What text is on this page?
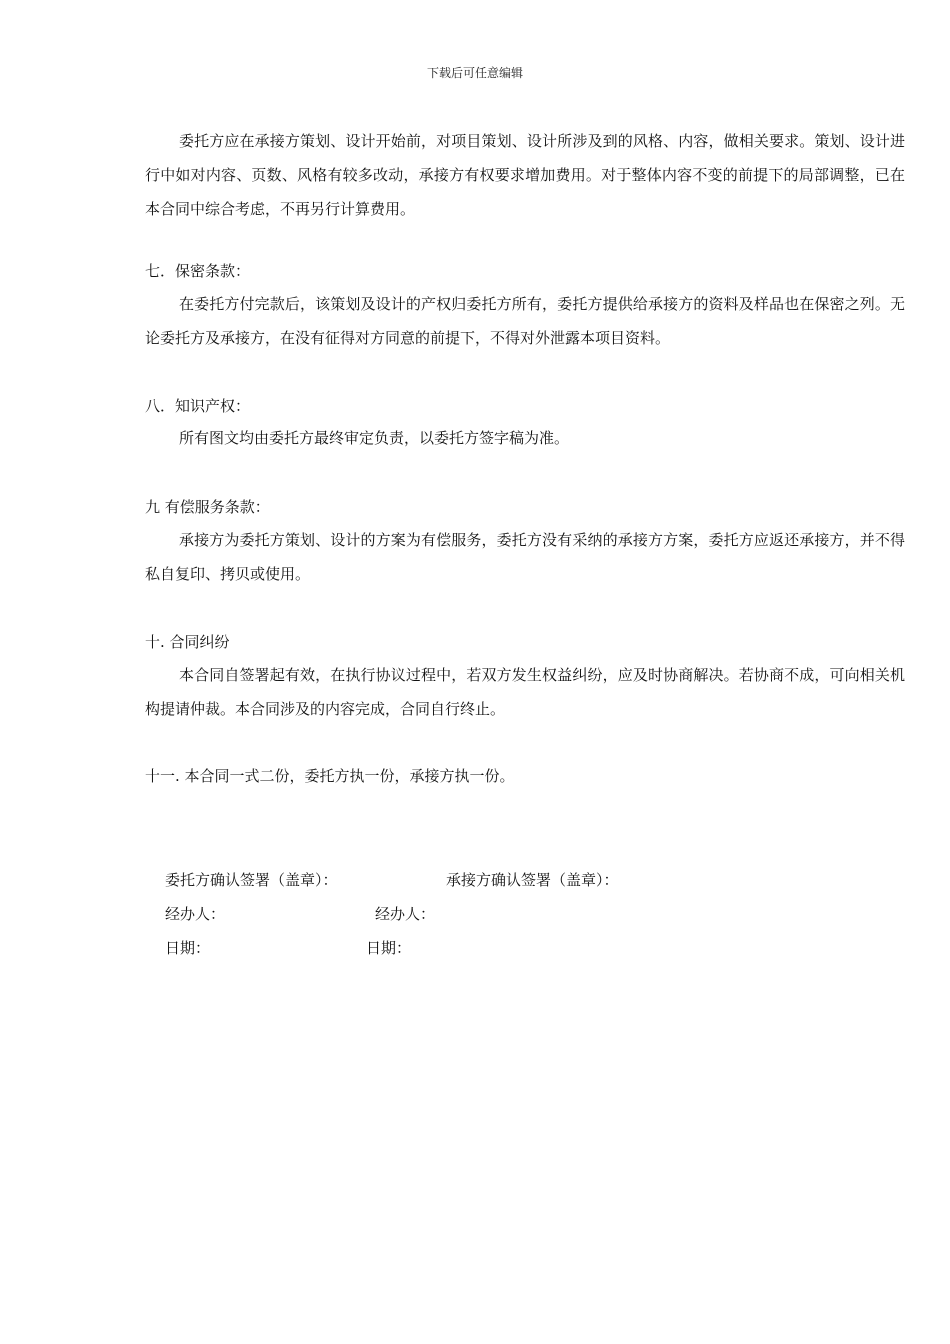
下载后可任意编辑
委托方应在承接方策划、设计开始前，对项目策划、设计所涉及到的风格、内容，做相关要求。策划、设计进行中如对内容、页数、风格有较多改动，承接方有权要求增加费用。对于整体内容不变的前提下的局部调整，已在本合同中综合考虑，不再另行计算费用。
七．保密条款：
在委托方付完款后，该策划及设计的产权归委托方所有，委托方提供给承接方的资料及样品也在保密之列。无论委托方及承接方，在没有征得对方同意的前提下，不得对外泄露本项目资料。
八．知识产权：
所有图文均由委托方最终审定负责，以委托方签字稿为准。
九 有偿服务条款：
承接方为委托方策划、设计的方案为有偿服务，委托方没有采纳的承接方方案，委托方应返还承接方，并不得私自复印、拷贝或使用。
十. 合同纠纷
本合同自签署起有效，在执行协议过程中，若双方发生权益纠纷，应及时协商解决。若协商不成，可向相关机构提请仲裁。本合同涉及的内容完成，合同自行终止。
十一. 本合同一式二份，委托方执一份，承接方执一份。
委托方确认签署（盖章）：	承接方确认签署（盖章）：
经办人：	经办人：
日期：	日期：
